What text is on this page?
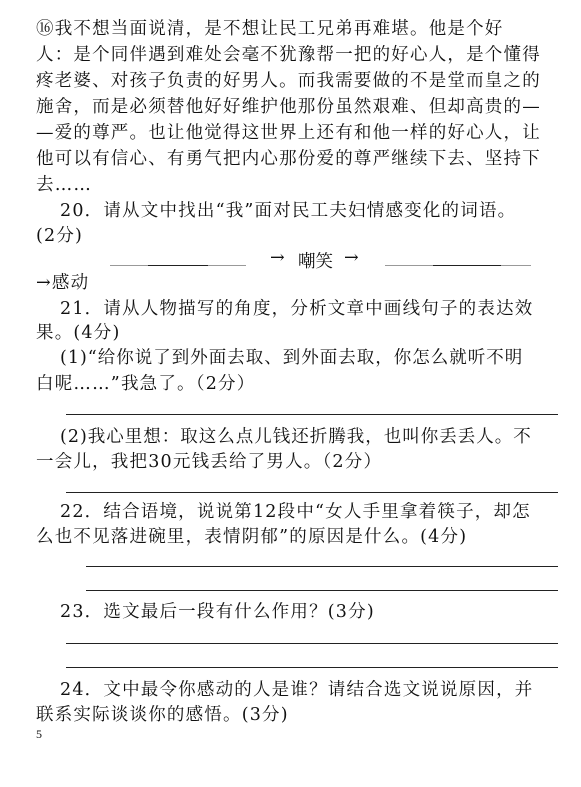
⑯我不想当面说清，是不想让民工兄弟再难堪。他是个好
人：是个同伴遇到难处会毫不犹豫帮一把的好心人，是个懂得
疼老婆、对孩子负责的好男人。而我需要做的不是堂而皇之的
施舍，而是必须替他好好维护他那份虽然艰难、但却高贵的—
—爱的尊严。也让他觉得这世界上还有和他一样的好心人，让
他可以有信心、有勇气把内心那份爱的尊严继续下去、坚持下
去……
20．请从文中找出“我”面对民工夫妇情感变化的词语。
(2分)
→ 嘲笑 →
→感动
21．请从人物描写的角度，分析文章中画线句子的表达效
果。(4分)
(1)“给你说了到外面去取、到外面去取，你怎么就听不明
白呢……”我急了。（2分）
(2)我心里想：取这么点儿钱还折腾我，也叫你丢丢人。不
一会儿，我把30元钱丢给了男人。（2分）
22．结合语境，说说第12段中“女人手里拿着筷子，却怎
么也不见落进碗里，表情阴郁”的原因是什么。(4分)
23．选文最后一段有什么作用？(3分)
24．文中最令你感动的人是谁？请结合选文说说原因，并
联系实际谈谈你的感悟。(3分)
5
